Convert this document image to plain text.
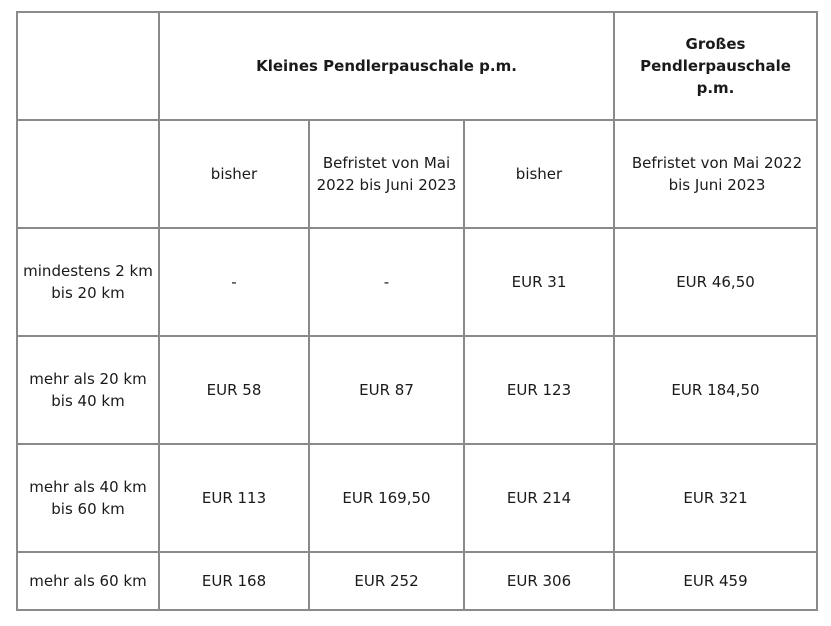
	Kleines Pendlerpauschale p.m.			Großes Pendlerpauschale p.m.
	bisher	Befristet von Mai 2022 bis Juni 2023	bisher	Befristet von Mai 2022 bis Juni 2023
mindestens 2 km bis 20 km	-	-	EUR 31	EUR 46,50
mehr als 20 km bis 40 km	EUR 58	EUR 87	EUR 123	EUR 184,50
mehr als 40 km bis 60 km	EUR 113	EUR 169,50	EUR 214	EUR 321
mehr als 60 km	EUR 168	EUR 252	EUR 306	EUR 459
